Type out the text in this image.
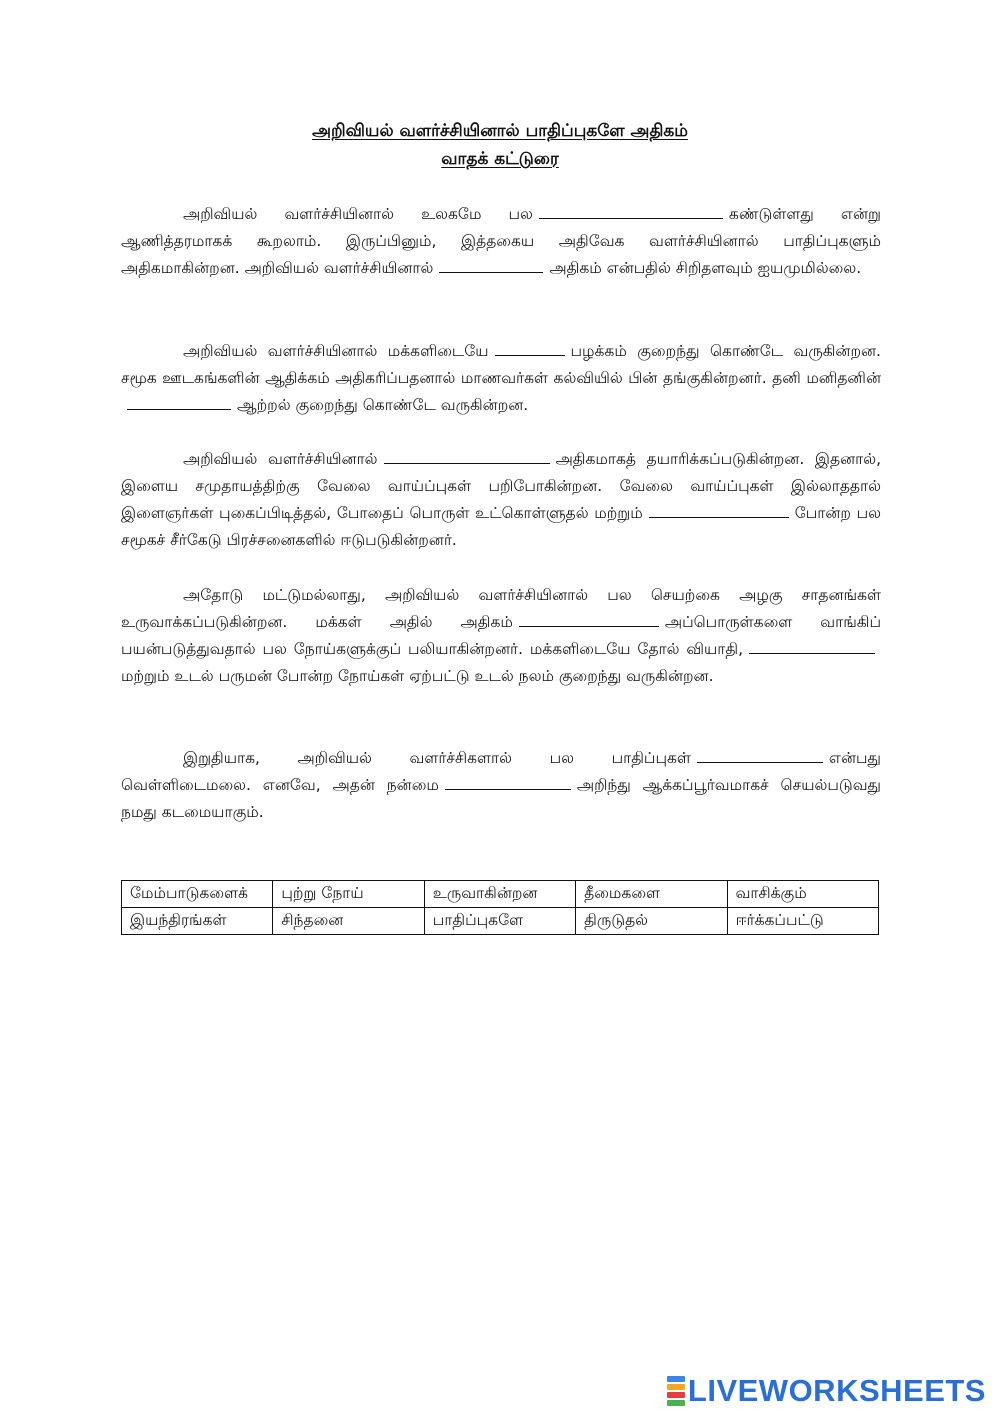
அறிவியல் வளர்ச்சியினால் பாதிப்புகளே அதிகம்
வாதக் கட்டுரை
அறிவியல் வளர்ச்சியினால் உலகமே பல	கண்டுள்ளது என்று ஆணித்தரமாகக் கூறலாம். இருப்பினும், இத்தகைய அதிவேக வளர்ச்சியினால் பாதிப்புகளும் அதிகமாகின்றன. அறிவியல் வளர்ச்சியினால்	அதிகம் என்பதில் சிறிதளவும் ஐயமுமில்லை.
அறிவியல் வளர்ச்சியினால் மக்களிடையே	பழக்கம் குறைந்து கொண்டே வருகின்றன. சமூக ஊடகங்களின் ஆதிக்கம் அதிகரிப்பதனால் மாணவர்கள் கல்வியில் பின் தங்குகின்றனர். தனி மனிதனின்ஆற்றல் குறைந்து கொண்டே வருகின்றன.
அறிவியல் வளர்ச்சியினால்	அதிகமாகத் தயாரிக்கப்படுகின்றன. இதனால், இளைய சமுதாயத்திற்கு வேலை வாய்ப்புகள் பறிபோகின்றன. வேலை வாய்ப்புகள் இல்லாததால் இளைஞர்கள் புகைப்பிடித்தல், போதைப் பொருள் உட்கொள்ளுதல் மற்றும்	போன்ற பல சமூகச் சீர்கேடு பிரச்சனைகளில் ஈடுபடுகின்றனர்.
அதோடு மட்டுமல்லாது, அறிவியல் வளர்ச்சியினால் பல செயற்கை அழகு சாதனங்கள் உருவாக்கப்படுகின்றன. மக்கள் அதில் அதிகம்	அப்பொருள்களை வாங்கிப் பயன்படுத்துவதால் பல நோய்களுக்குப் பலியாகின்றனர். மக்களிடையே தோல் வியாதி,மற்றும் உடல் பருமன் போன்ற நோய்கள் ஏற்பட்டு உடல் நலம் குறைந்து வருகின்றன.
இறுதியாக, அறிவியல் வளர்ச்சிகளால் பல பாதிப்புகள்	என்பது வெள்ளிடைமலை. எனவே, அதன் நன்மை	அறிந்து ஆக்கப்பூர்வமாகச் செயல்படுவது நமது கடமையாகும்.
மேம்பாடுகளைக்	புற்று நோய்	உருவாகின்றன	தீமைகளை	வாசிக்கும்
இயந்திரங்கள்	சிந்தனை	பாதிப்புகளே	திருடுதல்	ஈர்க்கப்பட்டு
LIVEWORKSHEETS
